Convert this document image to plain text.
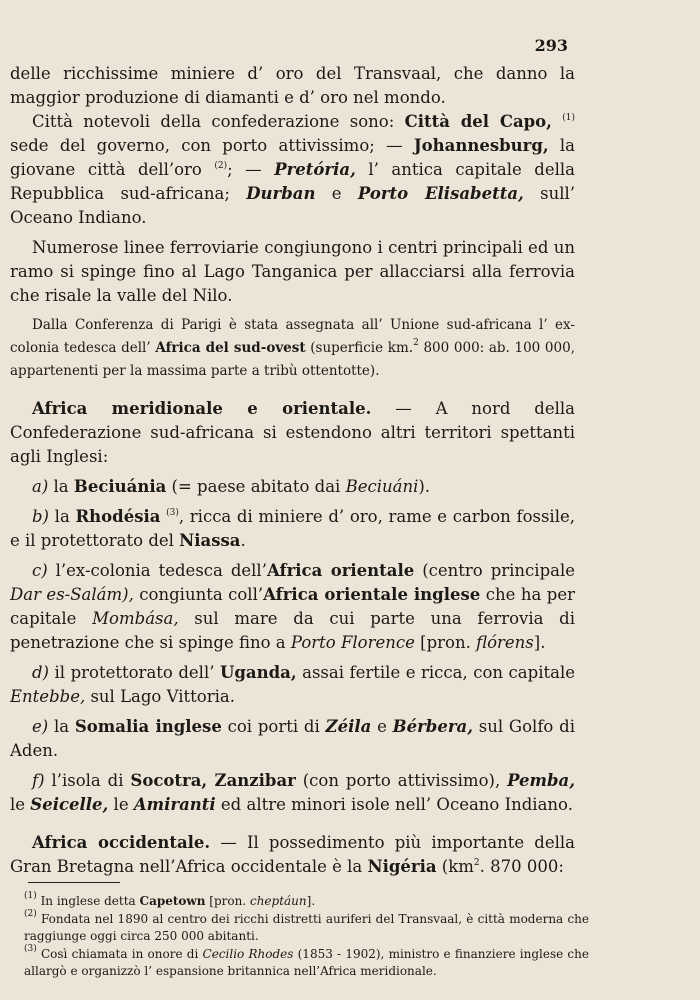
293

delle ricchissime miniere d’ oro del Transvaal, che danno la

maggior produzione di diamanti e d’ oro nel mondo.

Città notevoli della confederazione sono: Città del Capo, $^{(1)}$ sede del governo, con porto attivissimo; — Johannesburg, la giovane città dell’oro $^{(2)}$; — Pretória, l’ antica capitale della Repubblica sud-africana; Durban e Porto Elisabetta, sull’ Oceano Indiano.

Numerose linee ferroviarie congiungono i centri principali ed un ramo si spinge fino al Lago Tanganica per allacciarsi alla ferrovia che risale la valle del Nilo.

Dalla Conferenza di Parigi è stata assegnata all’ Unione sud-africana l’ ex-colonia tedesca dell’ Africa del sud-ovest (superficie km.$^2$ 800 000: ab. 100 000, appartenenti per la massima parte a tribù ottentotte).

Africa meridionale e orientale. — A nord della Confederazione sud-africana si estendono altri territori spettanti agli Inglesi:

a) la Beciuánia (= paese abitato dai Beciuáni).

b) la Rhodésia $^{(3)}$, ricca di miniere d’ oro, rame e carbon fossile, e il protettorato del Niassa.

c) l’ex-colonia tedesca dell’Africa orientale (centro principale Dar es-Salám), congiunta coll’Africa orientale inglese che ha per capitale Mombása, sul mare da cui parte una ferrovia di penetrazione che si spinge fino a Porto Florence [pron. flórens].

d) il protettorato dell’ Uganda, assai fertile e ricca, con capitale Entebbe, sul Lago Vittoria.

e) la Somalia inglese coi porti di Zéila e Bérbera, sul Golfo di Aden.

f) l’isola di Socotra, Zanzibar (con porto attivissimo), Pemba, le Seicelle, le Amiranti ed altre minori isole nell’ Oceano Indiano.

Africa occidentale. — Il possedimento più importante della Gran Bretagna nell’Africa occidentale è la Nigéria ($km^2$. 870 000:

$^{(1)}$ In inglese detta Capetown [pron. cheptáun].

$^{(2)}$ Fondata nel 1890 al centro dei ricchi distretti auriferi del Transvaal, è città moderna che raggiunge oggi circa 250 000 abitanti.

$^{(3)}$ Così chiamata in onore di Cecilio Rhodes (1853 - 1902), ministro e finanziere inglese che allargò e organizzò l’ espansione britannica nell’Africa meridionale.
